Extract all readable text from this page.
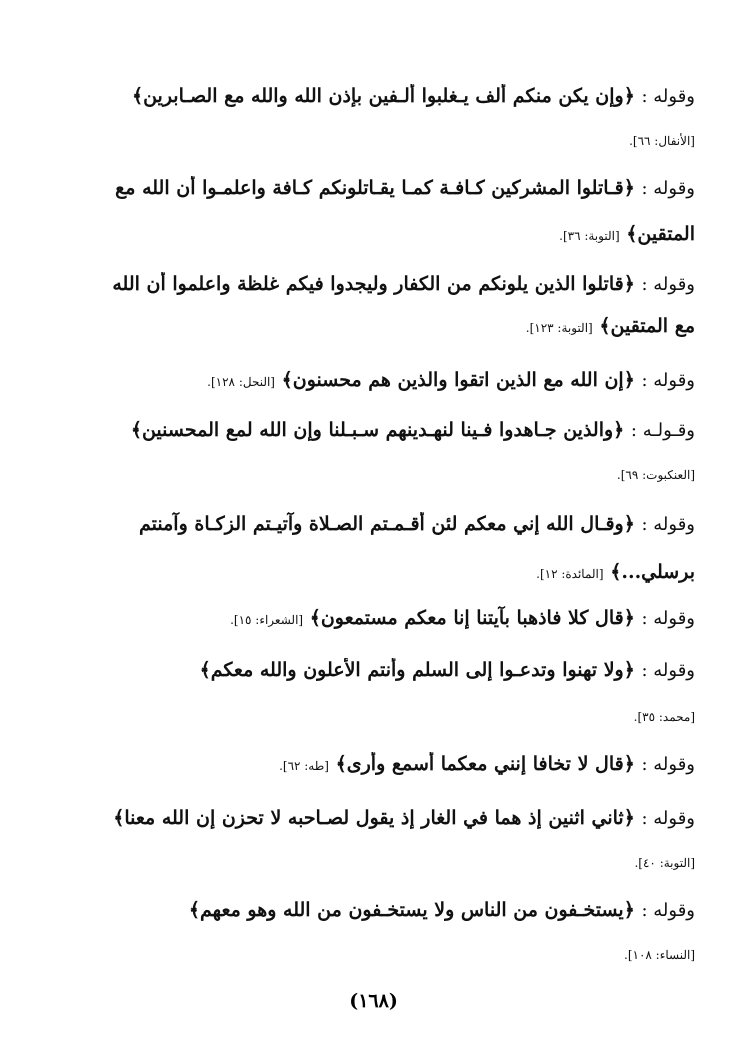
وقوله : ﴿وإن يكن منكم ألف يـغلبوا ألـفين بإذن الله والله مع الصـابرين﴾
[الأنفال: ٦٦].
وقوله : ﴿قـاتلوا المشركين كـافـة كمـا يقـاتلونكم كـافة واعلمـوا أن الله مع
المتقين﴾ [التوبة: ٣٦].
وقوله : ﴿قاتلوا الذين يلونكم من الكفار وليجدوا فيكم غلظة واعلموا أن الله
مع المتقين﴾ [التوبة: ١٢٣].
وقوله : ﴿إن الله مع الذين اتقوا والذين هم محسنون﴾ [النحل: ١٢٨].
وقـولـه : ﴿والذين جـاهدوا فـينا لنهـدينهم سـبـلنا وإن الله لمع المحسنين﴾
[العنكبوت: ٦٩].
وقوله : ﴿وقـال الله إني معكم لئن أقـمـتم الصـلاة وآتيـتم الزكـاة وآمنتم
برسلي...﴾ [المائدة: ١٢].
وقوله : ﴿قال كلا فاذهبا بآيتنا إنا معكم مستمعون﴾ [الشعراء: ١٥].
وقوله : ﴿ولا تهنوا وتدعـوا إلى السلم وأنتم الأعلون والله معكم﴾
[محمد: ٣٥].
وقوله : ﴿قال لا تخافا إنني معكما أسمع وأرى﴾ [طه: ٦٢].
وقوله : ﴿ثاني اثنين إذ هما في الغار إذ يقول لصـاحبه لا تحزن إن الله معنا﴾
[التوبة: ٤٠].
وقوله : ﴿يستخـفون من الناس ولا يستخـفون من الله وهو معهم﴾
[النساء: ١٠٨].
(١٦٨)
